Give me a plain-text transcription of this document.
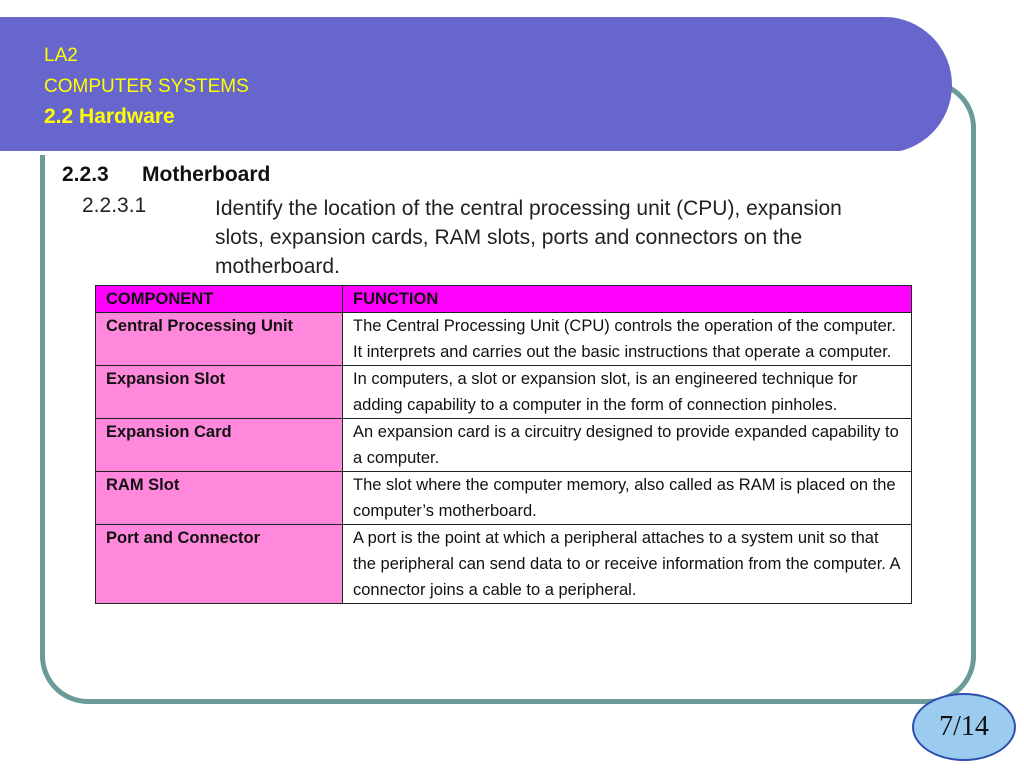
LA2
COMPUTER SYSTEMS
2.2 Hardware
2.2.3 Motherboard
2.2.3.1	Identify the location of the central processing unit (CPU), expansion slots, expansion cards, RAM slots, ports and connectors on the motherboard.
COMPONENT	FUNCTION
Central Processing Unit	The Central Processing Unit (CPU) controls the operation of the computer. It interprets and carries out the basic instructions that operate a computer.
Expansion Slot	In computers, a slot or expansion slot, is an engineered technique for adding capability to a computer in the form of connection pinholes.
Expansion Card	An expansion card is a circuitry designed to provide expanded capability to a computer.
RAM Slot	The slot where the computer memory, also called as RAM is placed on the computer’s motherboard.
Port and Connector	A port is the point at which a peripheral attaches to a system unit so that the peripheral can send data to or receive information from the computer. A connector joins a cable to a peripheral.
7/14
